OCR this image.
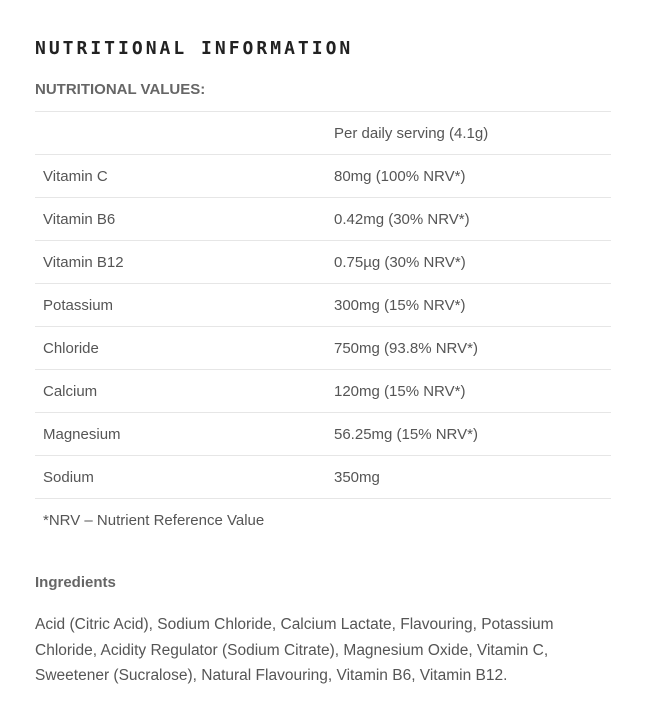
NUTRITIONAL INFORMATION
NUTRITIONAL VALUES:
	Per daily serving (4.1g)
Vitamin C	80mg (100% NRV*)
Vitamin B6	0.42mg (30% NRV*)
Vitamin B12	0.75µg (30% NRV*)
Potassium	300mg (15% NRV*)
Chloride	750mg (93.8% NRV*)
Calcium	120mg (15% NRV*)
Magnesium	56.25mg (15% NRV*)
Sodium	350mg
*NRV – Nutrient Reference Value	
Ingredients
Acid (Citric Acid), Sodium Chloride, Calcium Lactate, Flavouring, Potassium Chloride, Acidity Regulator (Sodium Citrate), Magnesium Oxide, Vitamin C, Sweetener (Sucralose), Natural Flavouring, Vitamin B6, Vitamin B12.
